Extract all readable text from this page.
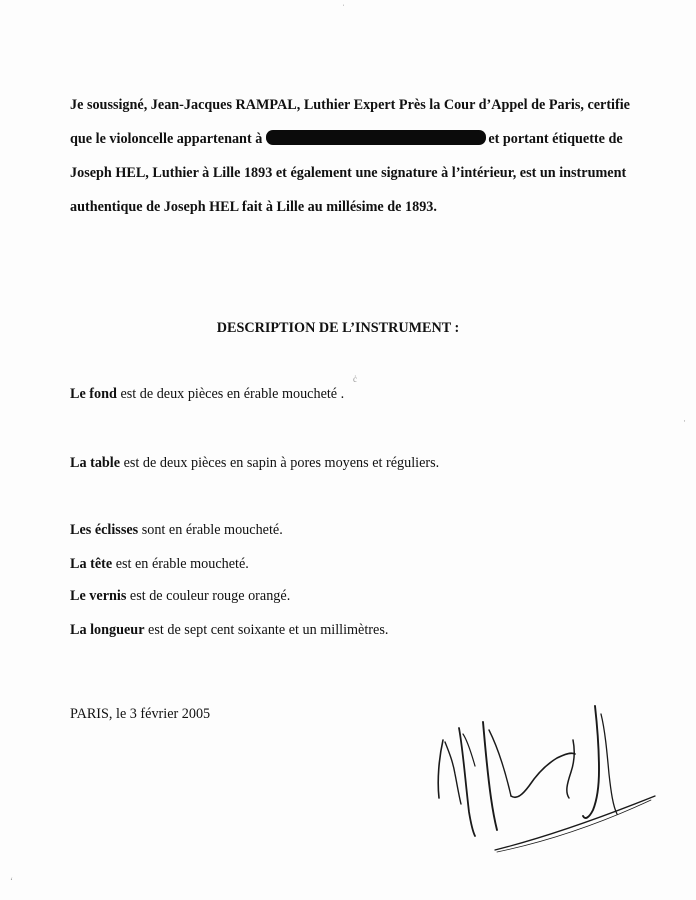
ˌ
ċ
·
ʻ

Je soussigné, Jean-Jacques RAMPAL, Luthier Expert Près la Cour d’Appel de Paris, certifie

que le violoncelle appartenant à	et portant étiquette de

Joseph HEL, Luthier à Lille 1893 et également une signature à l’intérieur, est un instrument

authentique de Joseph HEL fait à Lille au millésime de 1893.

DESCRIPTION DE L’INSTRUMENT :
Le fond est de deux pièces en érable moucheté .
La table est de deux pièces en sapin à pores moyens et réguliers.
Les éclisses sont en érable moucheté.
La tête est en érable moucheté.
Le vernis est de couleur rouge orangé.
La longueur est de sept cent soixante et un millimètres.
PARIS, le 3 février 2005
